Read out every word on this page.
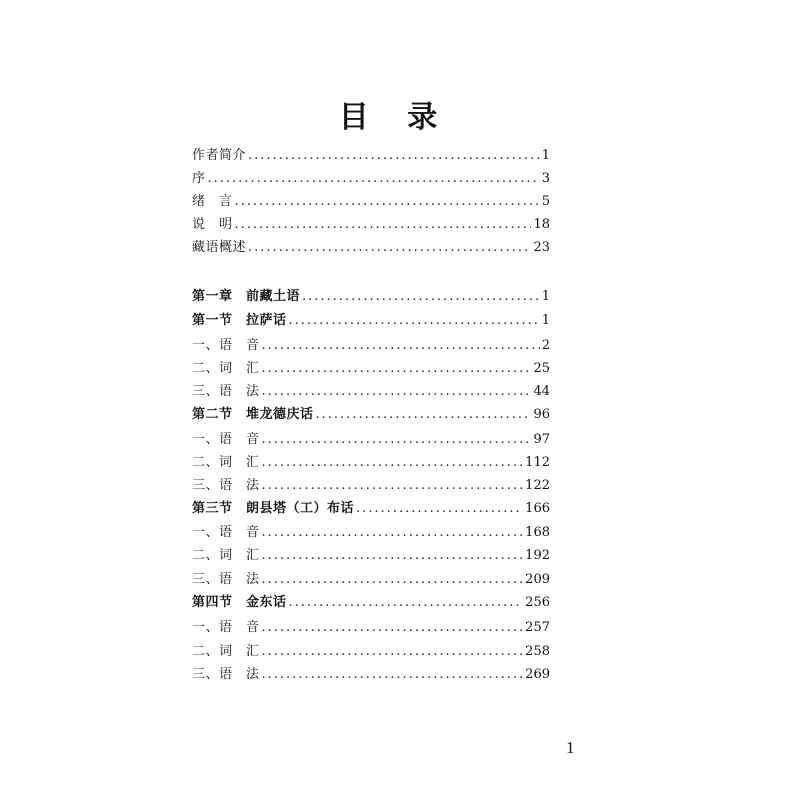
目 录
作者简介 .....	1
序 .....	3
绪　言 .....	5
说　明 .....	18
藏语概述 .....	23
第一章　前藏土语 .....	1
第一节　拉萨话 .....	1
一、语　音 .....	2
二、词　汇 .....	25
三、语　法 .....	44
第二节　堆龙德庆话 .....	96
一、语　音 .....	97
二、词　汇 .....	112
三、语　法 .....	122
第三节　朗县塔（工）布话 .....	166
一、语　音 .....	168
二、词　汇 .....	192
三、语　法 .....	209
第四节　金东话 .....	256
一、语　音 .....	257
二、词　汇 .....	258
三、语　法 .....	269
1
